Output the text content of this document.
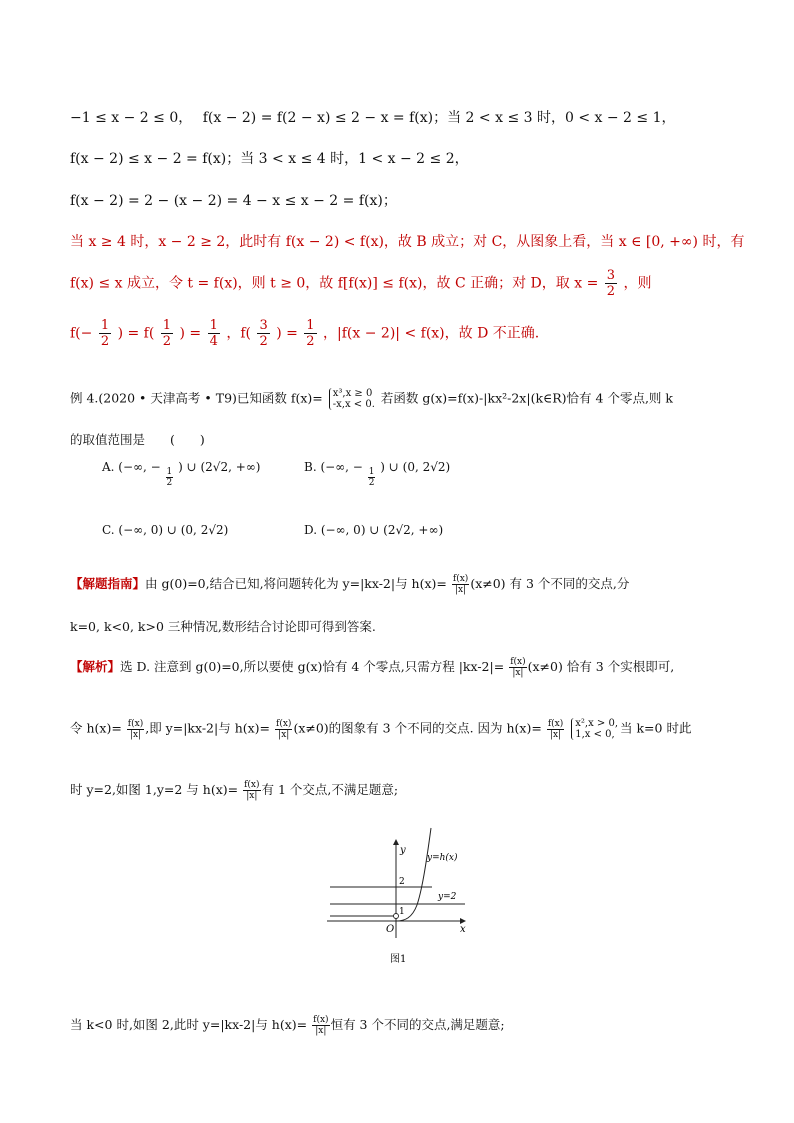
−1 ≤ x − 2 ≤ 0， f(x − 2) = f(2 − x) ≤ 2 − x = f(x)；当 2 < x ≤ 3 时，0 < x − 2 ≤ 1，
f(x − 2) ≤ x − 2 = f(x)；当 3 < x ≤ 4 时，1 < x − 2 ≤ 2，
f(x − 2) = 2 − (x − 2) = 4 − x ≤ x − 2 = f(x)；
当 x ≥ 4 时，x − 2 ≥ 2，此时有 f(x − 2) < f(x)，故 B 成立；对 C，从图象上看，当 x ∈ [0, +∞) 时，有
f(x) ≤ x 成立，令 t = f(x)，则 t ≥ 0，故 f[f(x)] ≤ f(x)，故 C 正确；对 D，取 $x = \frac{3}{2}$ ，则
$f(- \frac{1}{2}$ ) = $f( \frac{1}{2}$ ) = $\frac{1}{4}$ ，$f( \frac{3}{2}$ ) = $\frac{1}{2}$ ，|f(x − 2)| < f(x)，故 D 不正确.
例 4.(2020 • 天津高考 • T9)已知函数 f(x)= x³,x ≥ 0
-x,x < 0. 若函数 g(x)=f(x)-|kx²-2x|(k∈R)恰有 4 个零点,则 k
的取值范围是　　(　　)
A. (−∞, − $\frac{1}{2}$ ) ∪ (2√2, +∞)	B. (−∞, − $\frac{1}{2}$ ) ∪ (0, 2√2)
C. (−∞, 0) ∪ (0, 2√2)	D. (−∞, 0) ∪ (2√2, +∞)
【解题指南】由 g(0)=0,结合已知,将问题转化为 y=|kx-2|与 $h(x)= \frac{f(x)}{|x|} (x\ne 0)$ 有 3 个不同的交点,分
k=0, k<0, k>0 三种情况,数形结合讨论即可得到答案.
【解析】选 D. 注意到 g(0)=0,所以要使 g(x)恰有 4 个零点,只需方程 $|kx-2|= \frac{f(x)}{|x|} (x\ne 0)$ 恰有 3 个实根即可,
令 $h(x)= \frac{f(x)}{|x|}$ ,即 y=|kx-2|与 $h(x)= \frac{f(x)}{|x|} (x\ne 0)$的图象有 3 个不同的交点. 因为 $h(x)= \frac{f(x)}{|x|}$
x²,x > 0,
1,x < 0, 当 k=0 时此
时 y=2,如图 1,y=2 与 $h(x)= \frac{f(x)}{|x|}$ 有 1 个交点,不满足题意;
y
x
O
2
1
y=h(x)
y=2
图1
当 k<0 时,如图 2,此时 y=|kx-2|与 $h(x)= \frac{f(x)}{|x|}$ 恒有 3 个不同的交点,满足题意;
